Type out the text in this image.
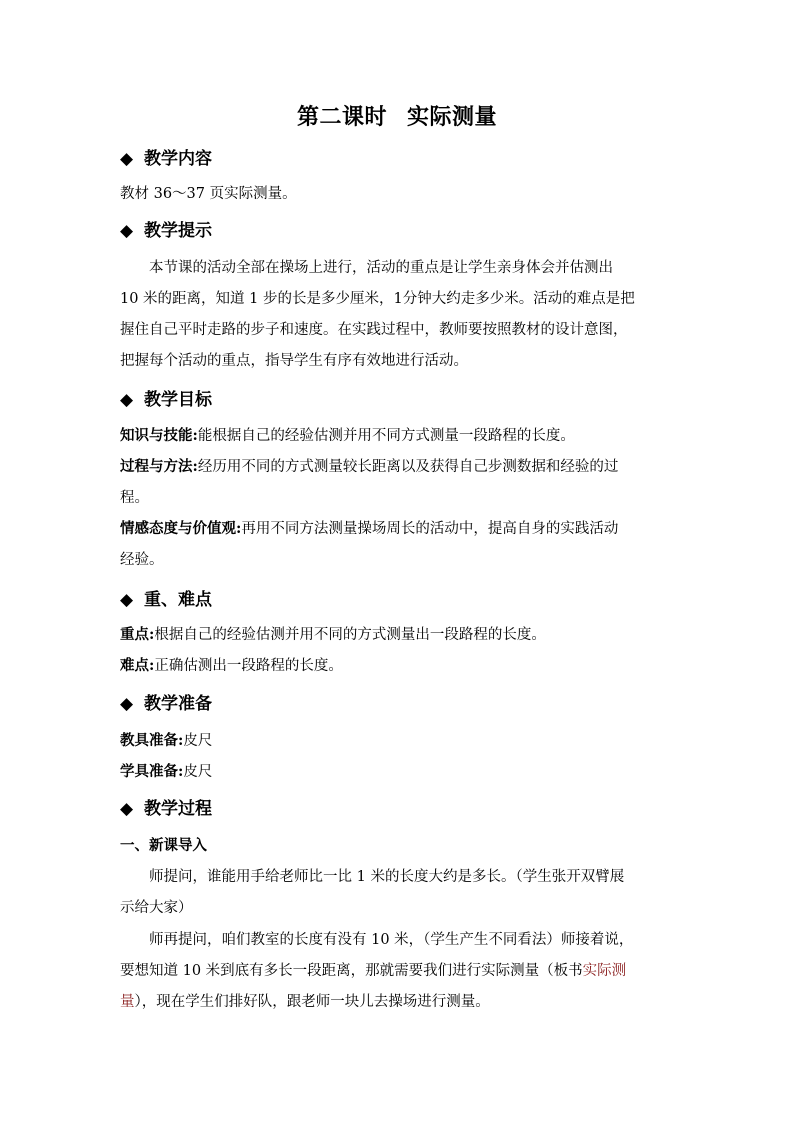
第二课时 实际测量
◆ 教学内容
教材 36～37 页实际测量。
◆ 教学提示
本节课的活动全部在操场上进行，活动的重点是让学生亲身体会并估测出
10 米的距离，知道 1 步的长是多少厘米，1分钟大约走多少米。活动的难点是把
握住自己平时走路的步子和速度。在实践过程中，教师要按照教材的设计意图，
把握每个活动的重点，指导学生有序有效地进行活动。
◆ 教学目标
知识与技能:能根据自己的经验估测并用不同方式测量一段路程的长度。
过程与方法:经历用不同的方式测量较长距离以及获得自己步测数据和经验的过
程。
情感态度与价值观:再用不同方法测量操场周长的活动中，提高自身的实践活动
经验。
◆ 重、难点
重点:根据自己的经验估测并用不同的方式测量出一段路程的长度。
难点:正确估测出一段路程的长度。
◆ 教学准备
教具准备:皮尺
学具准备:皮尺
◆ 教学过程
一、新课导入
师提问，谁能用手给老师比一比 1 米的长度大约是多长。（学生张开双臂展
示给大家）
师再提问，咱们教室的长度有没有 10 米，（学生产生不同看法）师接着说，
要想知道 10 米到底有多长一段距离，那就需要我们进行实际测量（板书实际测
量），现在学生们排好队，跟老师一块儿去操场进行测量。
